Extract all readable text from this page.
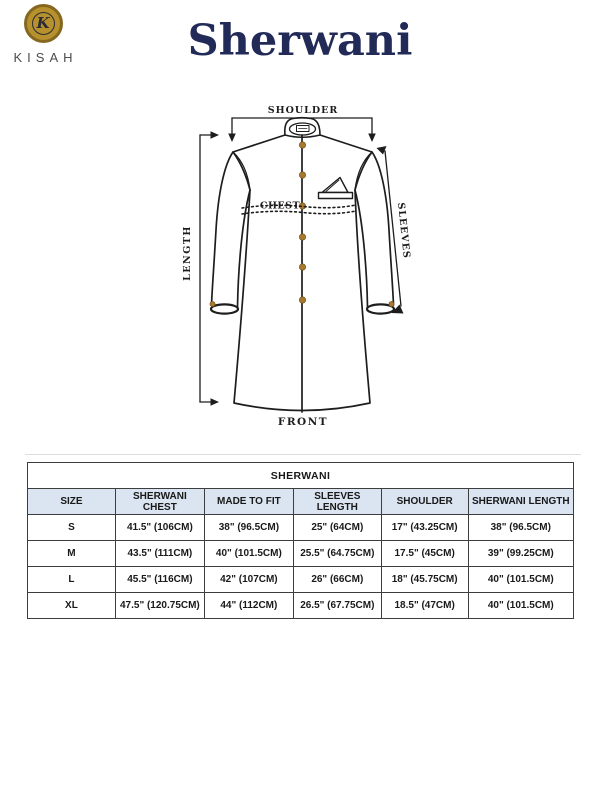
K
KISAH	Sherwani
SHOULDER
CHEST
LENGTH	SLEEVES
FRONT
SHERWANI					
SIZE	SHERWANI CHEST	MADE TO FIT	SLEEVES LENGTH	SHOULDER	SHERWANI LENGTH
S	41.5" (106CM)	38" (96.5CM)	25" (64CM)	17" (43.25CM)	38" (96.5CM)
M	43.5" (111CM)	40" (101.5CM)	25.5" (64.75CM)	17.5" (45CM)	39" (99.25CM)
L	45.5" (116CM)	42" (107CM)	26" (66CM)	18" (45.75CM)	40" (101.5CM)
XL	47.5" (120.75CM)	44" (112CM)	26.5" (67.75CM)	18.5" (47CM)	40" (101.5CM)
